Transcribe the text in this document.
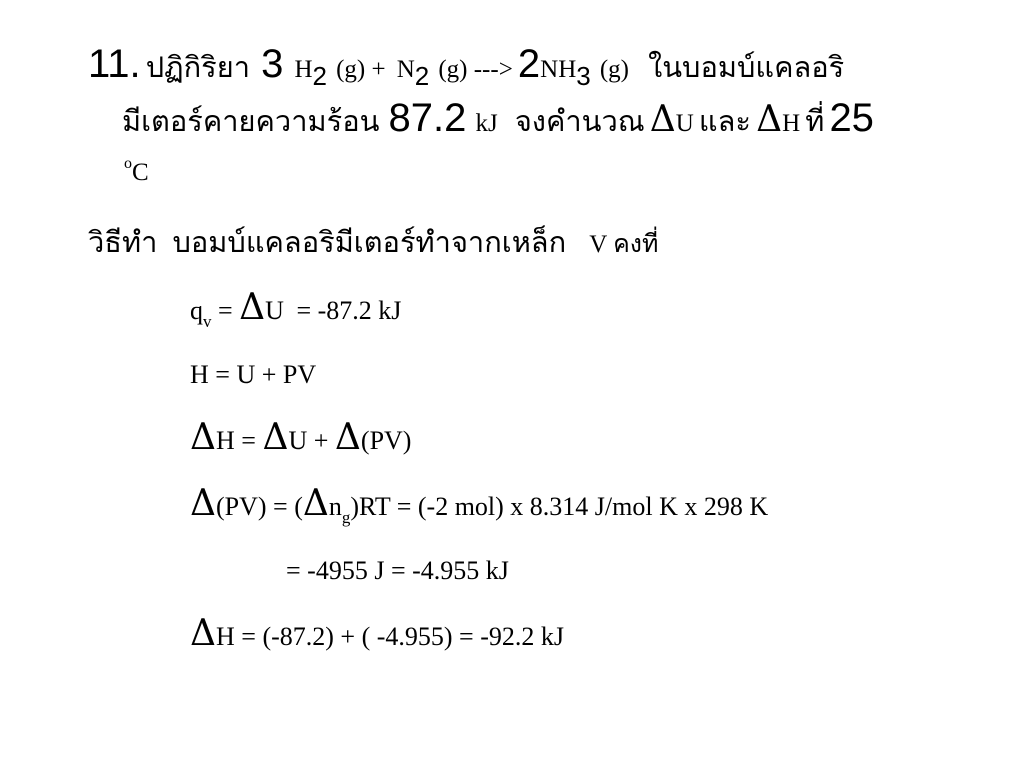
11. ปฏิกิริยา 3 H2 (g) + N2 (g) ---> 2NH3 (g) ในบอมบ์แคลอริ
มีเตอร์คายความร้อน 87.2 kJ จงคำนวณ ΔU และ ΔH ที่ 25
oC
วิธีทำ บอมบ์แคลอริมีเตอร์ทำจากเหล็ก V คงที่
$q_v = \Delta U = -87.2$ kJ
H = U + PV
ΔH = ΔU + Δ(PV)
$\Delta(PV) = (\Delta n_g)RT = (-2$ mol) x 8.314 J/mol K x 298 K
= -4955 J = -4.955 kJ
ΔH = (-87.2) + ( -4.955) = -92.2 kJ
